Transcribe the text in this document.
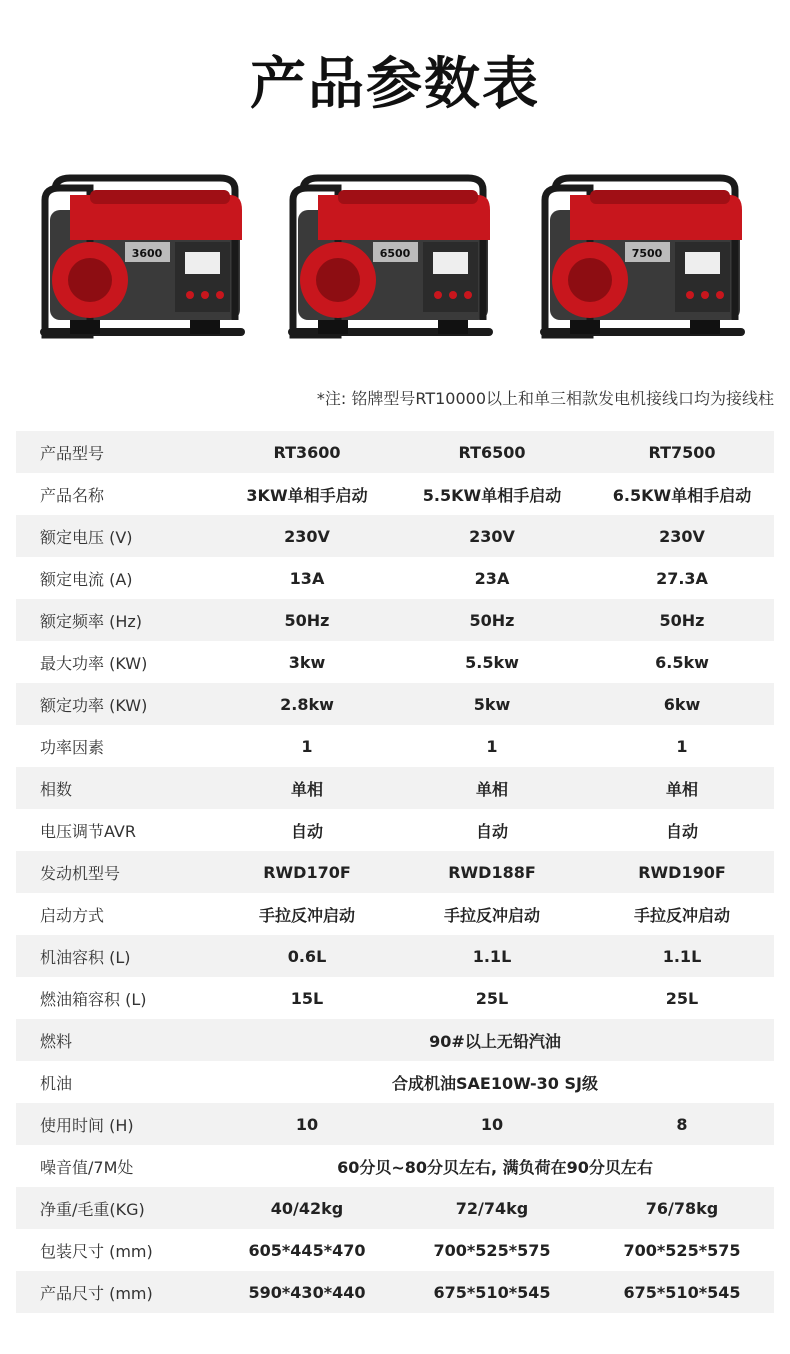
产品参数表
3600	6500	7500
*注: 铭牌型号RT10000以上和单三相款发电机接线口均为接线柱
产品型号	RT3600	RT6500	RT7500
产品名称	3KW单相手启动	5.5KW单相手启动	6.5KW单相手启动
额定电压 (V)	230V	230V	230V
额定电流 (A)	13A	23A	27.3A
额定频率 (Hz)	50Hz	50Hz	50Hz
最大功率 (KW)	3kw	5.5kw	6.5kw
额定功率 (KW)	2.8kw	5kw	6kw
功率因素	1	1	1
相数	单相	单相	单相
电压调节AVR	自动	自动	自动
发动机型号	RWD170F	RWD188F	RWD190F
启动方式	手拉反冲启动	手拉反冲启动	手拉反冲启动
机油容积 (L)	0.6L	1.1L	1.1L
燃油箱容积 (L)	15L	25L	25L
燃料	90#以上无铅汽油
机油	合成机油SAE10W-30 SJ级
使用时间 (H)	10	10	8
噪音值/7M处	60分贝~80分贝左右, 满负荷在90分贝左右
净重/毛重(KG)	40/42kg	72/74kg	76/78kg
包装尺寸 (mm)	605*445*470	700*525*575	700*525*575
产品尺寸 (mm)	590*430*440	675*510*545	675*510*545
